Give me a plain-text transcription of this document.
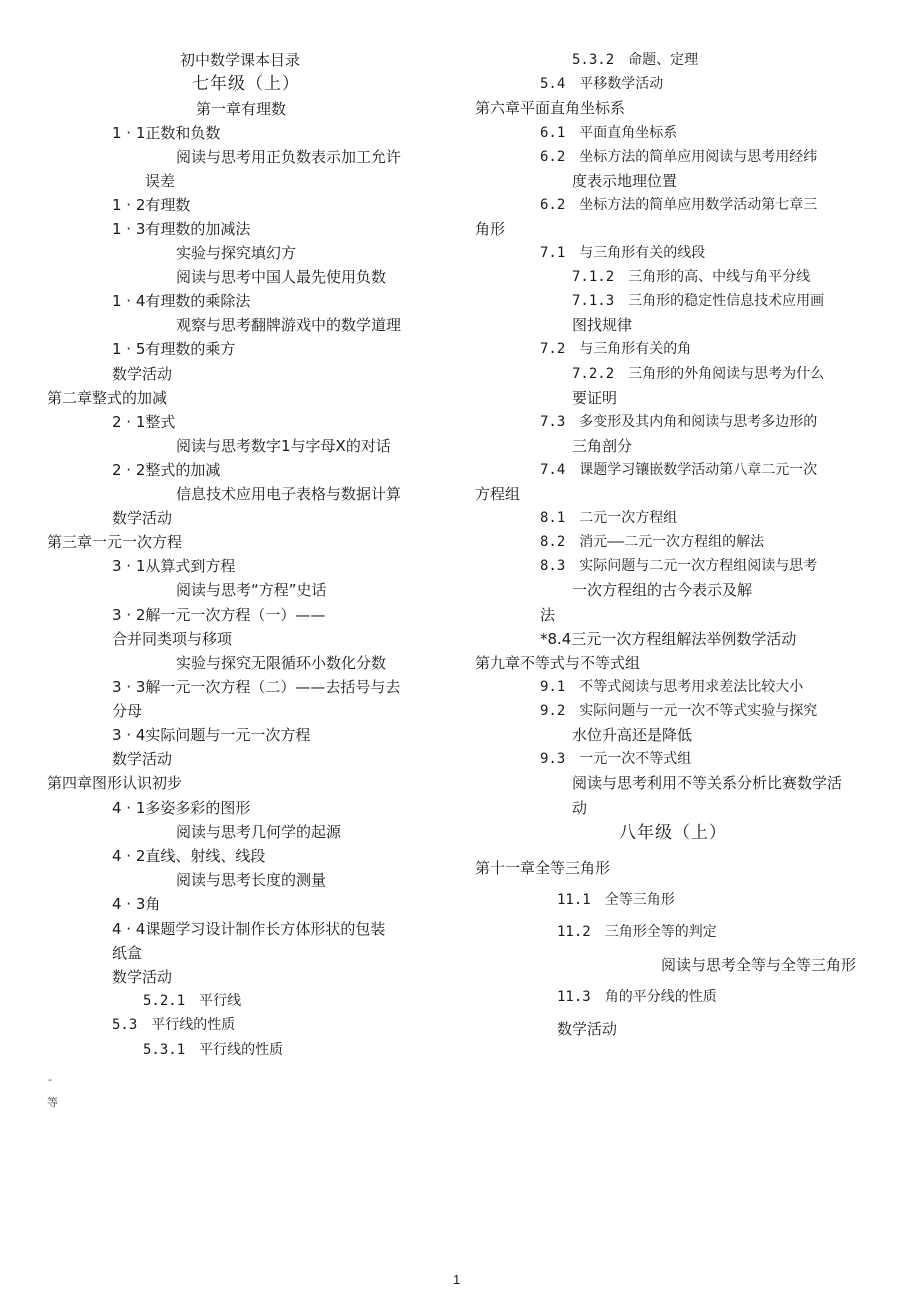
初中数学课本目录
七年级（上）
第一章有理数
1 · 1正数和负数
阅读与思考用正负数表示加工允许
误差
1 · 2有理数
1 · 3有理数的加减法
实验与探究填幻方
阅读与思考中国人最先使用负数
1 · 4有理数的乘除法
观察与思考翻牌游戏中的数学道理
1 · 5有理数的乘方
数学活动
第二章整式的加减
2 · 1整式
阅读与思考数字1与字母X的对话
2 · 2整式的加减
信息技术应用电子表格与数据计算
数学活动
第三章一元一次方程
3 · 1从算式到方程
阅读与思考“方程”史话
3 · 2解一元一次方程（一）——
合并同类项与移项
实验与探究无限循环小数化分数
3 · 3解一元一次方程（二）——去括号与去
分母
3 · 4实际问题与一元一次方程
数学活动
第四章图形认识初步
4 · 1多姿多彩的图形
阅读与思考几何学的起源
4 · 2直线、射线、线段
阅读与思考长度的测量
4 · 3角
4 · 4课题学习设计制作长方体形状的包装
纸盒
数学活动
5.2.1　平行线
5.3　平行线的性质
5.3.1　平行线的性质
5.3.2　命题、定理
5.4　平移数学活动
第六章平面直角坐标系
6.1　平面直角坐标系
6.2　坐标方法的简单应用阅读与思考用经纬
度表示地理位置
6.2　坐标方法的简单应用数学活动第七章三
角形
7.1　与三角形有关的线段
7.1.2　三角形的高、中线与角平分线
7.1.3　三角形的稳定性信息技术应用画
图找规律
7.2　与三角形有关的角
7.2.2　三角形的外角阅读与思考为什么
要证明
7.3　多变形及其内角和阅读与思考多边形的
三角剖分
7.4　课题学习镶嵌数学活动第八章二元一次
方程组
8.1　二元一次方程组
8.2　消元——二元一次方程组的解法
8.3　实际问题与二元一次方程组阅读与思考
一次方程组的古今表示及解
法
*8.4三元一次方程组解法举例数学活动
第九章不等式与不等式组
9.1　不等式阅读与思考用求差法比较大小
9.2　实际问题与一元一次不等式实验与探究
水位升高还是降低
9.3　一元一次不等式组
阅读与思考利用不等关系分析比赛数学活
动
八年级（上）
第十一章全等三角形
11.1　全等三角形
11.2　三角形全等的判定
阅读与思考全等与全等三角形
11.3　角的平分线的性质
数学活动
-
等
1
